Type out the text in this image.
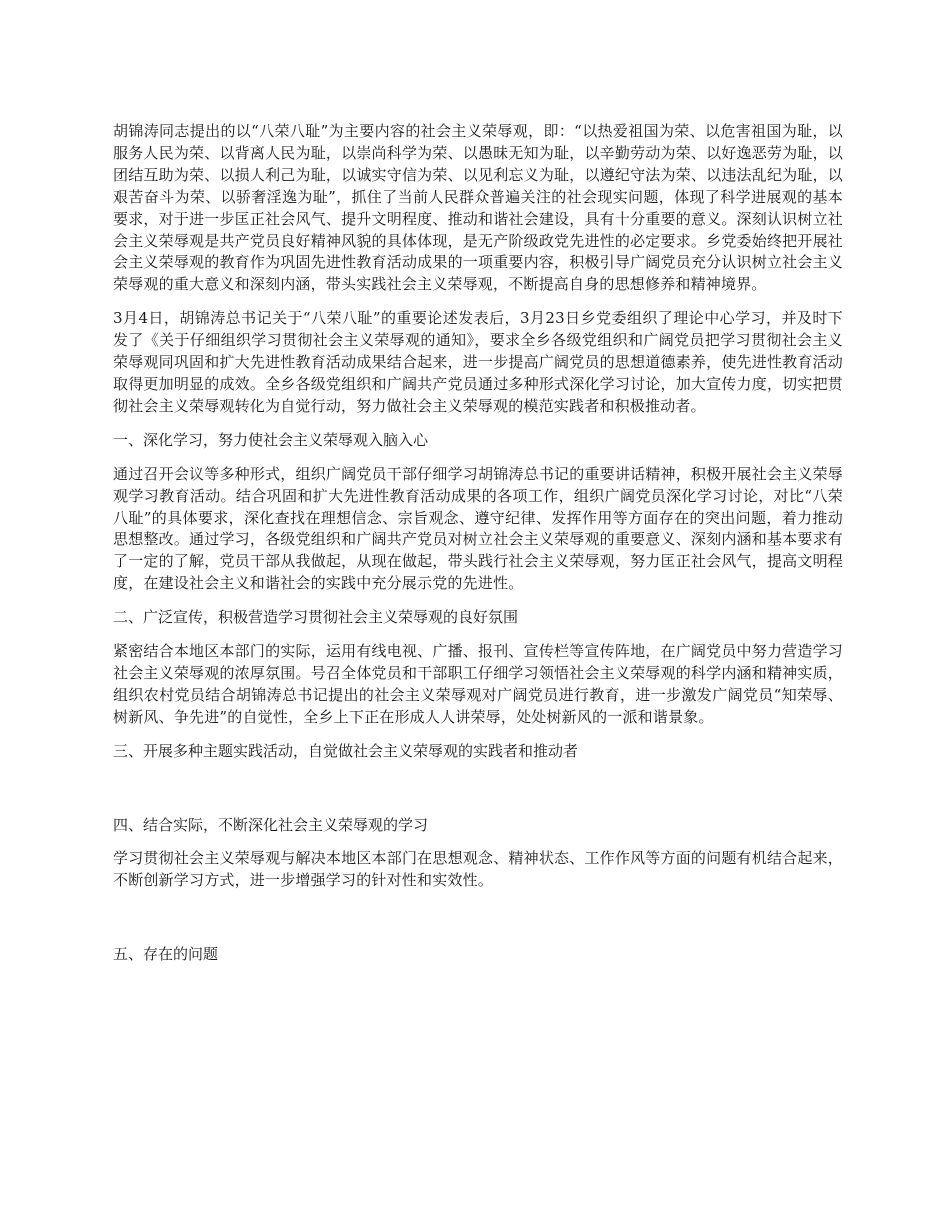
胡锦涛同志提出的以“八荣八耻”为主要内容的社会主义荣辱观，即：“以热爱祖国为荣、以危害祖国为耻，以服务人民为荣、以背离人民为耻，以崇尚科学为荣、以愚昧无知为耻，以辛勤劳动为荣、以好逸恶劳为耻，以团结互助为荣、以损人利己为耻，以诚实守信为荣、以见利忘义为耻，以遵纪守法为荣、以违法乱纪为耻，以艰苦奋斗为荣、以骄奢淫逸为耻”，抓住了当前人民群众普遍关注的社会现实问题，体现了科学进展观的基本要求，对于进一步匡正社会风气、提升文明程度、推动和谐社会建设，具有十分重要的意义。深刻认识树立社会主义荣辱观是共产党员良好精神风貌的具体体现，是无产阶级政党先进性的必定要求。乡党委始终把开展社会主义荣辱观的教育作为巩固先进性教育活动成果的一项重要内容，积极引导广阔党员充分认识树立社会主义荣辱观的重大意义和深刻内涵，带头实践社会主义荣辱观，不断提高自身的思想修养和精神境界。

3月4日，胡锦涛总书记关于“八荣八耻”的重要论述发表后，3月23日乡党委组织了理论中心学习，并及时下发了《关于仔细组织学习贯彻社会主义荣辱观的通知》，要求全乡各级党组织和广阔党员把学习贯彻社会主义荣辱观同巩固和扩大先进性教育活动成果结合起来，进一步提高广阔党员的思想道德素养，使先进性教育活动取得更加明显的成效。全乡各级党组织和广阔共产党员通过多种形式深化学习讨论，加大宣传力度，切实把贯彻社会主义荣辱观转化为自觉行动，努力做社会主义荣辱观的模范实践者和积极推动者。

一、深化学习，努力使社会主义荣辱观入脑入心

通过召开会议等多种形式，组织广阔党员干部仔细学习胡锦涛总书记的重要讲话精神，积极开展社会主义荣辱观学习教育活动。结合巩固和扩大先进性教育活动成果的各项工作，组织广阔党员深化学习讨论，对比“八荣八耻”的具体要求，深化查找在理想信念、宗旨观念、遵守纪律、发挥作用等方面存在的突出问题，着力推动思想整改。通过学习，各级党组织和广阔共产党员对树立社会主义荣辱观的重要意义、深刻内涵和基本要求有了一定的了解，党员干部从我做起，从现在做起，带头践行社会主义荣辱观，努力匡正社会风气，提高文明程度，在建设社会主义和谐社会的实践中充分展示党的先进性。

二、广泛宣传，积极营造学习贯彻社会主义荣辱观的良好氛围

紧密结合本地区本部门的实际，运用有线电视、广播、报刊、宣传栏等宣传阵地，在广阔党员中努力营造学习社会主义荣辱观的浓厚氛围。号召全体党员和干部职工仔细学习领悟社会主义荣辱观的科学内涵和精神实质，组织农村党员结合胡锦涛总书记提出的社会主义荣辱观对广阔党员进行教育，进一步激发广阔党员“知荣辱、树新风、争先进”的自觉性，全乡上下正在形成人人讲荣辱，处处树新风的一派和谐景象。

三、开展多种主题实践活动，自觉做社会主义荣辱观的实践者和推动者

四、结合实际，不断深化社会主义荣辱观的学习

学习贯彻社会主义荣辱观与解决本地区本部门在思想观念、精神状态、工作作风等方面的问题有机结合起来，不断创新学习方式，进一步增强学习的针对性和实效性。

五、存在的问题
